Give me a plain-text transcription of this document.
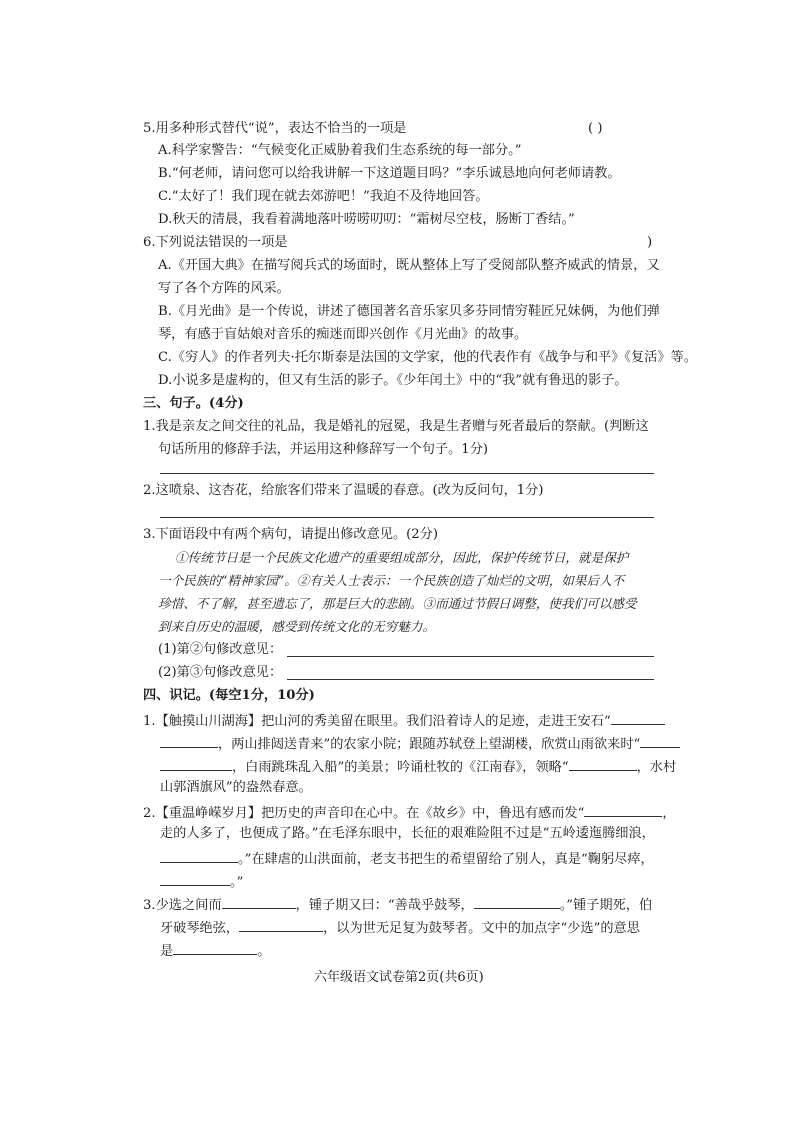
5.用多种形式替代“说”，表达不恰当的一项是	( )
A.科学家警告：“气候变化正威胁着我们生态系统的每一部分。”
B.“何老师，请问您可以给我讲解一下这道题目吗？”李乐诚恳地向何老师请教。
C.“太好了！我们现在就去郊游吧！”我迫不及待地回答。
D.秋天的清晨，我看着满地落叶唠唠叨叨：“霜树尽空枝，肠断丁香结。”
6.下列说法错误的一项是	)
A.《开国大典》在描写阅兵式的场面时，既从整体上写了受阅部队整齐威武的情景，又
写了各个方阵的风采。
B.《月光曲》是一个传说，讲述了德国著名音乐家贝多芬同情穷鞋匠兄妹俩，为他们弹
琴，有感于盲姑娘对音乐的痴迷而即兴创作《月光曲》的故事。
C.《穷人》的作者列夫·托尔斯泰是法国的文学家，他的代表作有《战争与和平》《复活》等。
D.小说多是虚构的，但又有生活的影子。《少年闰土》中的“我”就有鲁迅的影子。
三、句子。(4分)
1.我是亲友之间交往的礼品，我是婚礼的冠冕，我是生者赠与死者最后的祭献。(判断这
句话所用的修辞手法，并运用这种修辞写一个句子。1分)
2.这喷泉、这杏花，给旅客们带来了温暖的春意。(改为反问句，1分)
3.下面语段中有两个病句，请提出修改意见。(2分)
①传统节日是一个民族文化遗产的重要组成部分，因此，保护传统节日，就是保护
一个民族的“精神家园”。②有关人士表示：一个民族创造了灿烂的文明，如果后人不
珍惜、不了解，甚至遗忘了，那是巨大的悲剧。③而通过节假日调整，使我们可以感受
到来自历史的温暖，感受到传统文化的无穷魅力。
(1)第②句修改意见：
(2)第③句修改意见：
四、识记。(每空1分，10分)
1.【触摸山川湖海】把山河的秀美留在眼里。我们沿着诗人的足迹，走进王安石“
，两山排闼送青来”的农家小院；跟随苏轼登上望湖楼，欣赏山雨欲来时“
，白雨跳珠乱入船”的美景；吟诵杜牧的《江南春》，领略“	，水村
山郭酒旗风”的盎然春意。
2.【重温峥嵘岁月】把历史的声音印在心中。在《故乡》中，鲁迅有感而发“	，
走的人多了，也便成了路。”在毛泽东眼中，长征的艰难险阻不过是“五岭逶迤腾细浪，
。”在肆虐的山洪面前，老支书把生的希望留给了别人，真是“鞠躬尽瘁，
。”
3.少选之间而	，锺子期又曰：“善哉乎鼓琴，	。”锺子期死，伯
牙破琴绝弦，	，以为世无足复为鼓琴者。文中的加点字“少选”的意思
是	。
六年级语文试卷第2页(共6页)
